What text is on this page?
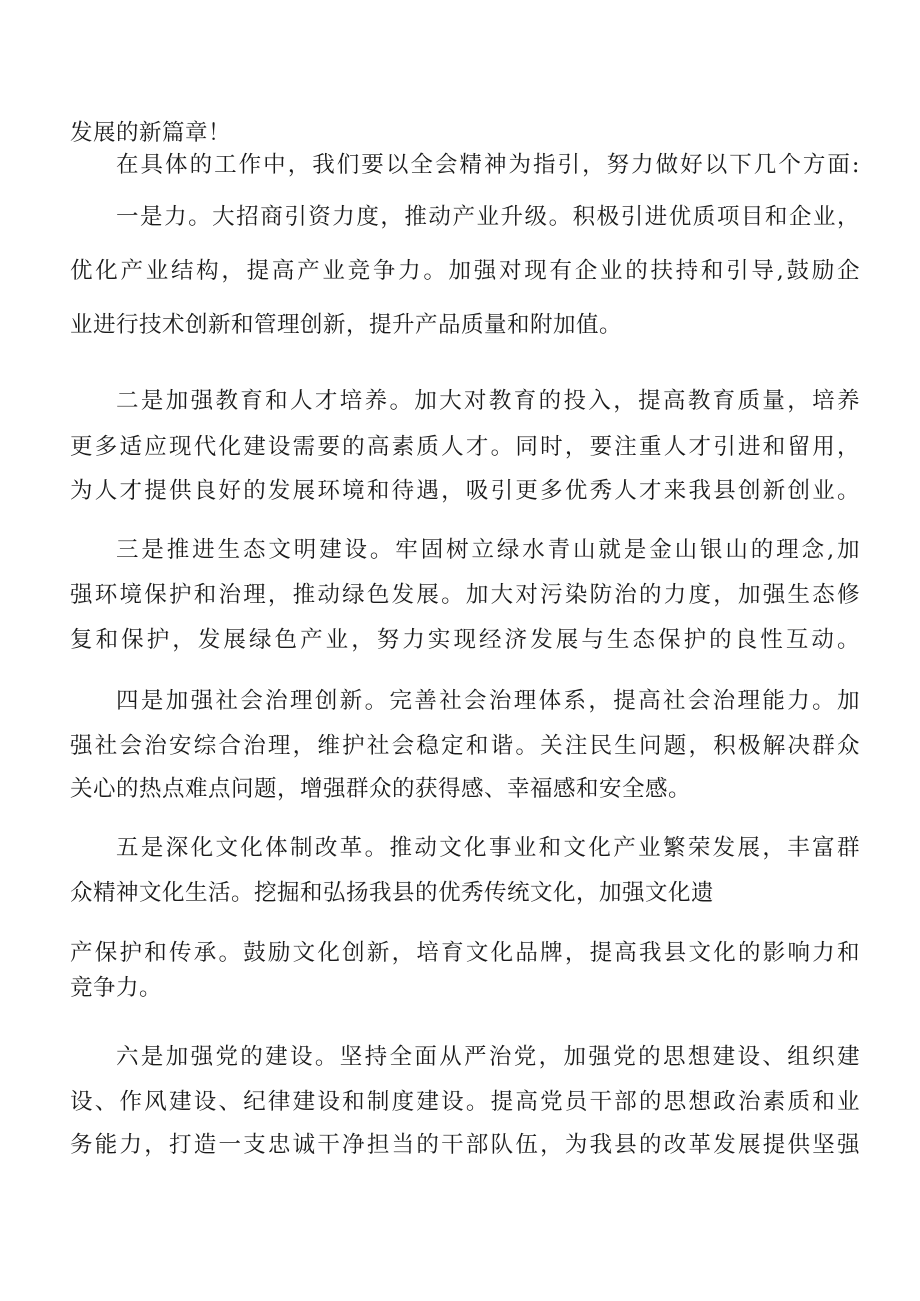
发展的新篇章！

在具体的工作中，我们要以全会精神为指引，努力做好以下几个方面:

一是力。大招商引资力度，推动产业升级。积极引进优质项目和企业，

优化产业结构，提高产业竞争力。加强对现有企业的扶持和引导,鼓励企

业进行技术创新和管理创新，提升产品质量和附加值。

二是加强教育和人才培养。加大对教育的投入，提高教育质量，培养

更多适应现代化建设需要的高素质人才。同时，要注重人才引进和留用，

为人才提供良好的发展环境和待遇，吸引更多优秀人才来我县创新创业。

三是推进生态文明建设。牢固树立绿水青山就是金山银山的理念,加

强环境保护和治理，推动绿色发展。加大对污染防治的力度，加强生态修

复和保护，发展绿色产业，努力实现经济发展与生态保护的良性互动。

四是加强社会治理创新。完善社会治理体系，提高社会治理能力。加

强社会治安综合治理，维护社会稳定和谐。关注民生问题，积极解决群众

关心的热点难点问题，增强群众的获得感、幸福感和安全感。

五是深化文化体制改革。推动文化事业和文化产业繁荣发展，丰富群

众精神文化生活。挖掘和弘扬我县的优秀传统文化，加强文化遗

产保护和传承。鼓励文化创新，培育文化品牌，提高我县文化的影响力和

竞争力。

六是加强党的建设。坚持全面从严治党，加强党的思想建设、组织建

设、作风建设、纪律建设和制度建设。提高党员干部的思想政治素质和业

务能力，打造一支忠诚干净担当的干部队伍，为我县的改革发展提供坚强
